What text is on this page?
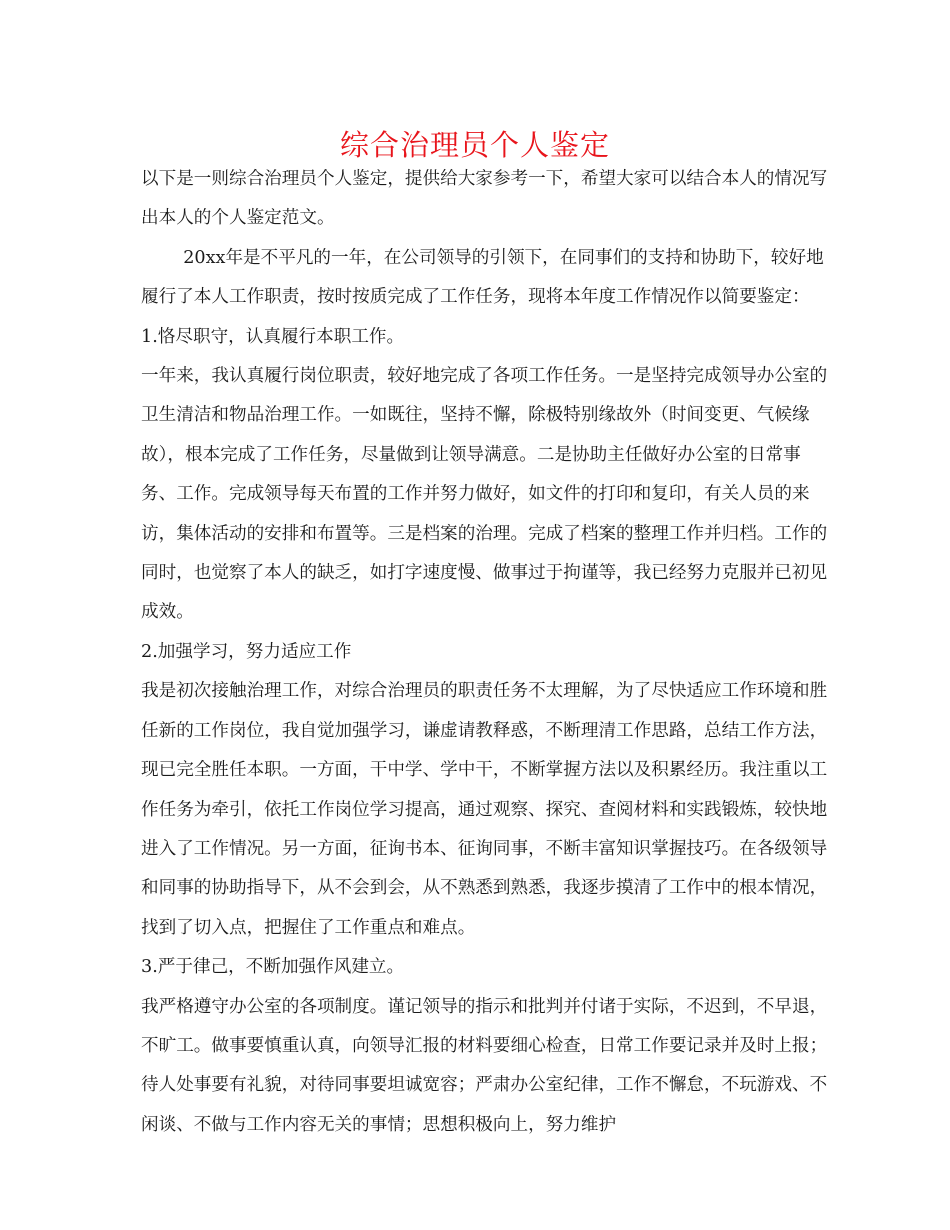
综合治理员个人鉴定

以下是一则综合治理员个人鉴定，提供给大家参考一下，希望大家可以结合本人的情况写出本人的个人鉴定范文。

20xx年是不平凡的一年，在公司领导的引领下，在同事们的支持和协助下，较好地履行了本人工作职责，按时按质完成了工作任务，现将本年度工作情况作以简要鉴定：

1.恪尽职守，认真履行本职工作。

一年来，我认真履行岗位职责，较好地完成了各项工作任务。一是坚持完成领导办公室的卫生清洁和物品治理工作。一如既往，坚持不懈，除极特别缘故外（时间变更、气候缘故），根本完成了工作任务，尽量做到让领导满意。二是协助主任做好办公室的日常事务、工作。完成领导每天布置的工作并努力做好，如文件的打印和复印，有关人员的来访，集体活动的安排和布置等。三是档案的治理。完成了档案的整理工作并归档。工作的同时，也觉察了本人的缺乏，如打字速度慢、做事过于拘谨等，我已经努力克服并已初见成效。

2.加强学习，努力适应工作

我是初次接触治理工作，对综合治理员的职责任务不太理解，为了尽快适应工作环境和胜任新的工作岗位，我自觉加强学习，谦虚请教释惑，不断理清工作思路，总结工作方法，现已完全胜任本职。一方面，干中学、学中干，不断掌握方法以及积累经历。我注重以工作任务为牵引，依托工作岗位学习提高，通过观察、探究、查阅材料和实践锻炼，较快地进入了工作情况。另一方面，征询书本、征询同事，不断丰富知识掌握技巧。在各级领导和同事的协助指导下，从不会到会，从不熟悉到熟悉，我逐步摸清了工作中的根本情况，找到了切入点，把握住了工作重点和难点。

3.严于律己，不断加强作风建立。

我严格遵守办公室的各项制度。谨记领导的指示和批判并付诸于实际，不迟到，不早退，不旷工。做事要慎重认真，向领导汇报的材料要细心检查，日常工作要记录并及时上报；待人处事要有礼貌，对待同事要坦诚宽容；严肃办公室纪律，工作不懈怠，不玩游戏、不闲谈、不做与工作内容无关的事情；思想积极向上，努力维护
